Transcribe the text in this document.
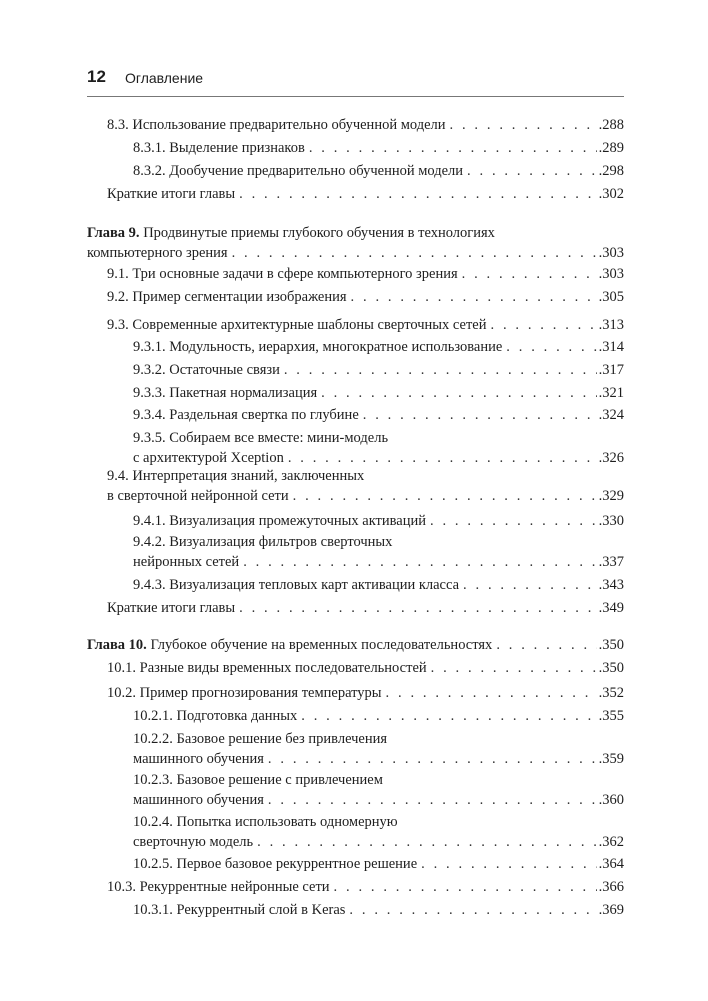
12 Оглавление
8.3. Использование предварительно обученной модели . . .	.288
8.3.1. Выделение признаков . . .	.289
8.3.2. Дообучение предварительно обученной модели . . .	.298
Краткие итоги главы . . .	.302
Глава 9. Продвинутые приемы глубокого обучения в технологиях
компьютерного зрения . . .	.303
9.1. Три основные задачи в сфере компьютерного зрения . . .	.303
9.2. Пример сегментации изображения . . .	.305
9.3. Современные архитектурные шаблоны сверточных сетей . . .	.313
9.3.1. Модульность, иерархия, многократное использование . . .	.314
9.3.2. Остаточные связи . . .	.317
9.3.3. Пакетная нормализация . . .	.321
9.3.4. Раздельная свертка по глубине . . .	.324
9.3.5. Собираем все вместе: мини-модель
с архитектурой Xception . . .	.326
9.4. Интерпретация знаний, заключенных
в сверточной нейронной сети . . .	.329
9.4.1. Визуализация промежуточных активаций . . .	.330
9.4.2. Визуализация фильтров сверточных
нейронных сетей . . .	.337
9.4.3. Визуализация тепловых карт активации класса . . .	.343
Краткие итоги главы . . .	.349
Глава 10. Глубокое обучение на временных последовательностях . . .	.350
10.1. Разные виды временных последовательностей . . .	.350
10.2. Пример прогнозирования температуры . . .	.352
10.2.1. Подготовка данных . . .	.355
10.2.2. Базовое решение без привлечения
машинного обучения . . .	.359
10.2.3. Базовое решение с привлечением
машинного обучения . . .	.360
10.2.4. Попытка использовать одномерную
сверточную модель . . .	.362
10.2.5. Первое базовое рекуррентное решение . . .	.364
10.3. Рекуррентные нейронные сети . . .	.366
10.3.1. Рекуррентный слой в Keras . . .	.369
